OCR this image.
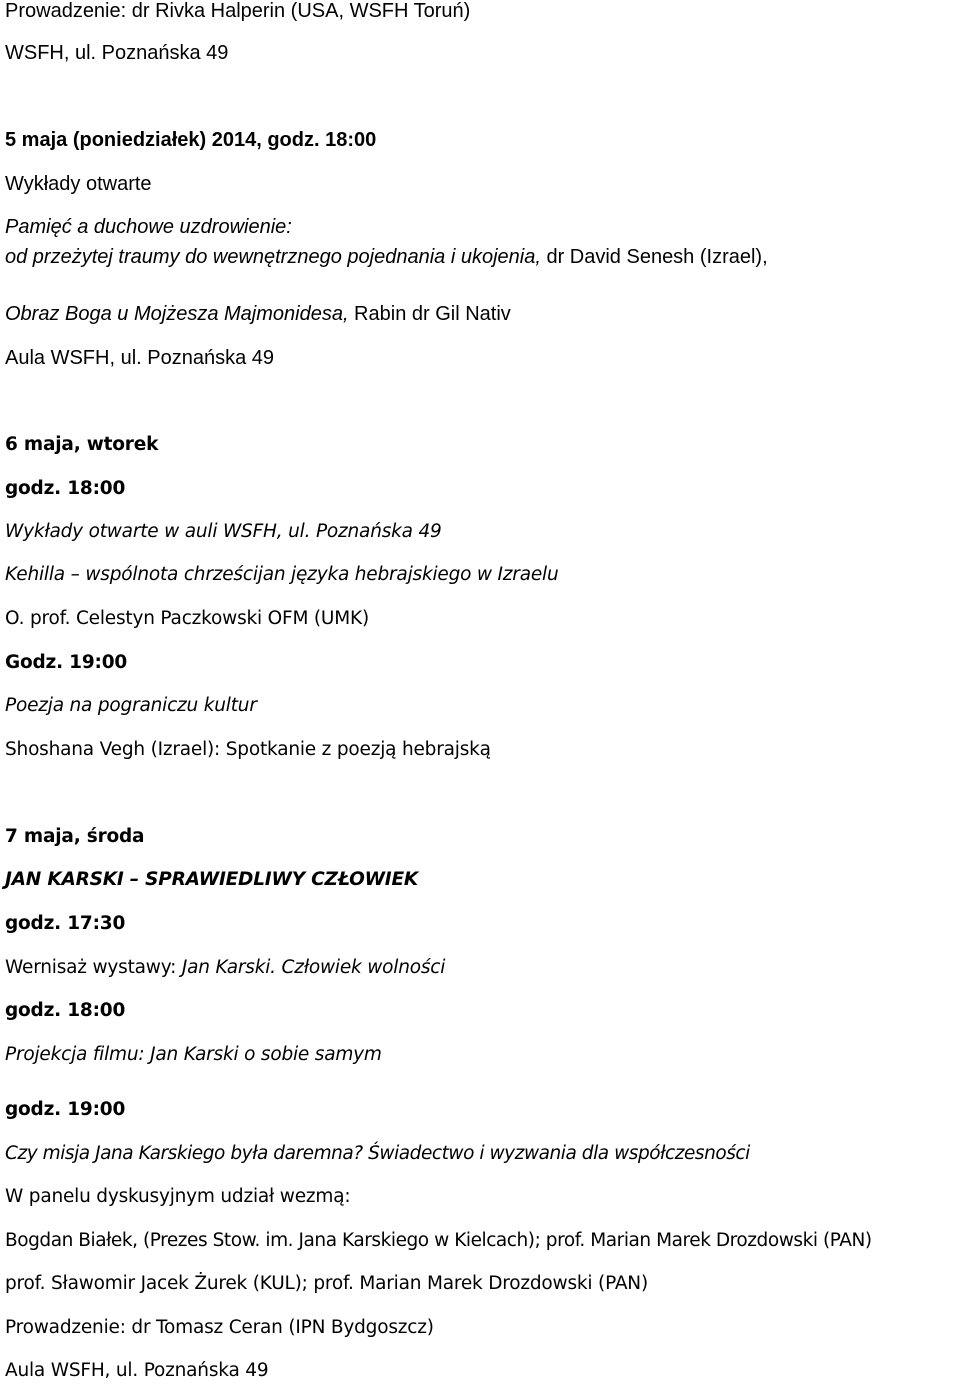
Prowadzenie: dr Rivka Halperin (USA, WSFH Toruń)
WSFH, ul. Poznańska 49
5 maja (poniedziałek) 2014, godz. 18:00
Wykłady otwarte
Pamięć a duchowe uzdrowienie:
od przeżytej traumy do wewnętrznego pojednania i ukojenia, dr David Senesh (Izrael),
Obraz Boga u Mojżesza Majmonidesa, Rabin dr Gil Nativ
Aula WSFH, ul. Poznańska 49
6 maja, wtorek
godz. 18:00
Wykłady otwarte w auli WSFH, ul. Poznańska 49
Kehilla – wspólnota chrześcijan języka hebrajskiego w Izraelu
O. prof. Celestyn Paczkowski OFM (UMK)
Godz. 19:00
Poezja na pograniczu kultur
Shoshana Vegh (Izrael): Spotkanie z poezją hebrajską
7 maja, środa
JAN KARSKI – SPRAWIEDLIWY CZŁOWIEK
godz. 17:30
Wernisaż wystawy: Jan Karski. Człowiek wolności
godz. 18:00
Projekcja filmu: Jan Karski o sobie samym
godz. 19:00
Czy misja Jana Karskiego była daremna? Świadectwo i wyzwania dla współczesności
W panelu dyskusyjnym udział wezmą:
Bogdan Białek, (Prezes Stow. im. Jana Karskiego w Kielcach); prof. Marian Marek Drozdowski (PAN)
prof. Sławomir Jacek Żurek (KUL); prof. Marian Marek Drozdowski (PAN)
Prowadzenie: dr Tomasz Ceran (IPN Bydgoszcz)
Aula WSFH, ul. Poznańska 49
